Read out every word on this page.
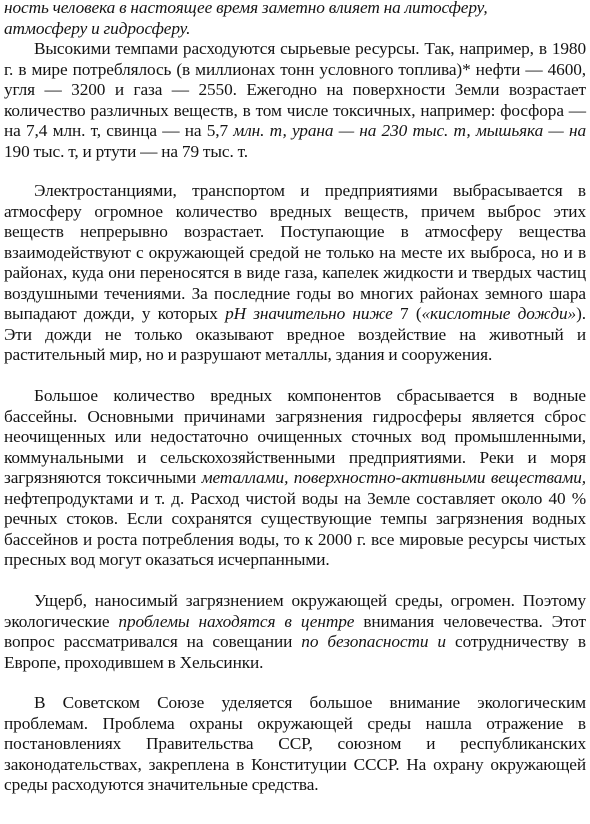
ность человека в настоящее время заметно влияет на литосферу,
атмосферу и гидросферу.

Высокими темпами расходуются сырьевые ресурсы. Так, например, в 1980 г. в мире потреблялось (в миллионах тонн условного топлива)* нефти — 4600, угля — 3200 и газа — 2550. Ежегодно на поверхности Земли возрастает количество различных веществ, в том числе токсичных, например: фосфора — на 7,4 млн. т, свинца — на 5,7 млн. т, урана — на 230 тыс. т, мышьяка — на 190 тыс. т, и ртути — на 79 тыс. т.

Электростанциями, транспортом и предприятиями выбрасывается в атмосферу огромное количество вредных веществ, причем выброс этих веществ непрерывно возрастает. Поступающие в атмосферу вещества взаимодействуют с окружающей средой не только на месте их выброса, но и в районах, куда они переносятся в виде газа, капелек жидкости и твердых частиц воздушными течениями. За последние годы во многих районах земного шара выпадают дожди, у которых pH значительно ниже 7 («кислотные дожди»). Эти дожди не только оказывают вредное воздействие на животный и растительный мир, но и разрушают металлы, здания и сооружения.

Большое количество вредных компонентов сбрасывается в водные бассейны. Основными причинами загрязнения гидросферы является сброс неочищенных или недостаточно очищенных сточных вод промышленными, коммунальными и сельскохозяйственными предприятиями. Реки и моря загрязняются токсичными металлами, поверхностно-активными веществами, нефтепродуктами и т. д. Расход чистой воды на Земле составляет около 40 % речных стоков. Если сохранятся существующие темпы загрязнения водных бассейнов и роста потребления воды, то к 2000 г. все мировые ресурсы чистых пресных вод могут оказаться исчерпанными.

Ущерб, наносимый загрязнением окружающей среды, огромен. Поэтому экологические проблемы находятся в центре внимания человечества. Этот вопрос рассматривался на совещании по безопасности и сотрудничеству в Европе, проходившем в Хельсинки.

В Советском Союзе уделяется большое внимание экологическим проблемам. Проблема охраны окружающей среды нашла отражение в постановлениях Правительства ССР, союзном и республиканских законодательствах, закреплена в Конституции СССР. На охрану окружающей среды расходуются значительные средства.
